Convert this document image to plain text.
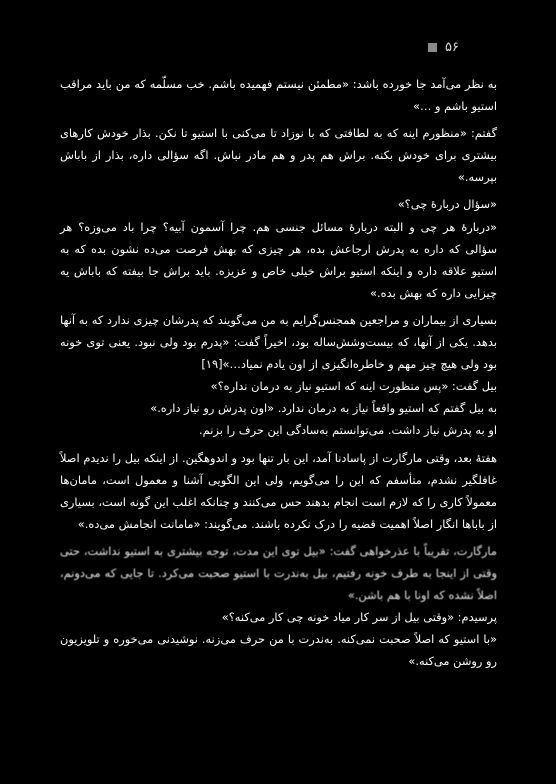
۵۶

به نظر می‌آمد جا خورده باشد: «مطمئن نیستم فهمیده باشم. خب مسلّمه که من باید مراقب استیو باشم و …»

گفتم: «منظورم اینه که به لطافتی که با نوزاد تا می‌کنی با استیو تا نکن. بذار خودش کارهای بیشتری برای خودش بکنه. براش هم پدر و هم مادر نباش. اگه سؤالی داره، بذار از باباش بپرسه.»

«سؤال دربارهٔ چی؟»

«دربارهٔ هر چی و البته دربارهٔ مسائل جنسی هم. چرا آسمون آبیه؟ چرا باد می‌وزه؟ هر سؤالی که داره به پدرش ارجاعش بده، هر چیزی که بهش فرصت می‌ده نشون بده که به استیو علاقه داره و اینکه استیو براش خیلی خاص و عزیزه. باید براش جا بیفته که باباش یه چیزایی داره که بهش بده.»

بسیاری از بیماران و مراجعین همجنس‌گرایم به من می‌گویند که پدرشان چیزی ندارد که به آنها بدهد. یکی از آنها، که بیست‌وشش‌ساله بود، اخیراً گفت: «پدرم بود ولی نبود. یعنی توی خونه بود ولی هیچ چیز مهم و خاطره‌انگیزی از اون یادم نمیاد…»[۱۹]

بیل گفت: «پس منظورت اینه که استیو نیاز به درمان نداره؟»

به بیل گفتم که استیو واقعاً نیاز به درمان ندارد. «اون پدرش رو نیاز داره.»

او به پدرش نیاز داشت. می‌توانستم به‌سادگی این حرف را بزنم.

هفتهٔ بعد، وقتی مارگارت از پاسادنا آمد، این بار تنها بود و اندوهگین. از اینکه بیل را ندیدم اصلاً غافلگیر نشدم، متأسفم که این را می‌گویم، ولی این الگویی آشنا و معمول است، مامان‌ها معمولاً کاری را که لازم است انجام بدهند حس می‌کنند و چنانکه اغلب این گونه است، بسیاری از باباها انگار اصلاً اهمیت قضیه را درک نکرده باشند. می‌گویند: «مامانت انجامش می‌ده.»

مارگارت، تقریباً با عذرخواهی گفت: «بیل توی این مدت، توجه بیشتری به استیو نداشت، حتی وقتی از اینجا به طرف خونه رفتیم، بیل به‌ندرت با استیو صحبت می‌کرد. تا جایی که می‌دونم، اصلاً نشده که اونا با هم باشن.»

پرسیدم: «وقتی بیل از سر کار میاد خونه چی کار می‌کنه؟»

«با استیو که اصلاً صحبت نمی‌کنه. به‌ندرت با من حرف می‌زنه. نوشیدنی می‌خوره و تلویزیون رو روشن می‌کنه.»
